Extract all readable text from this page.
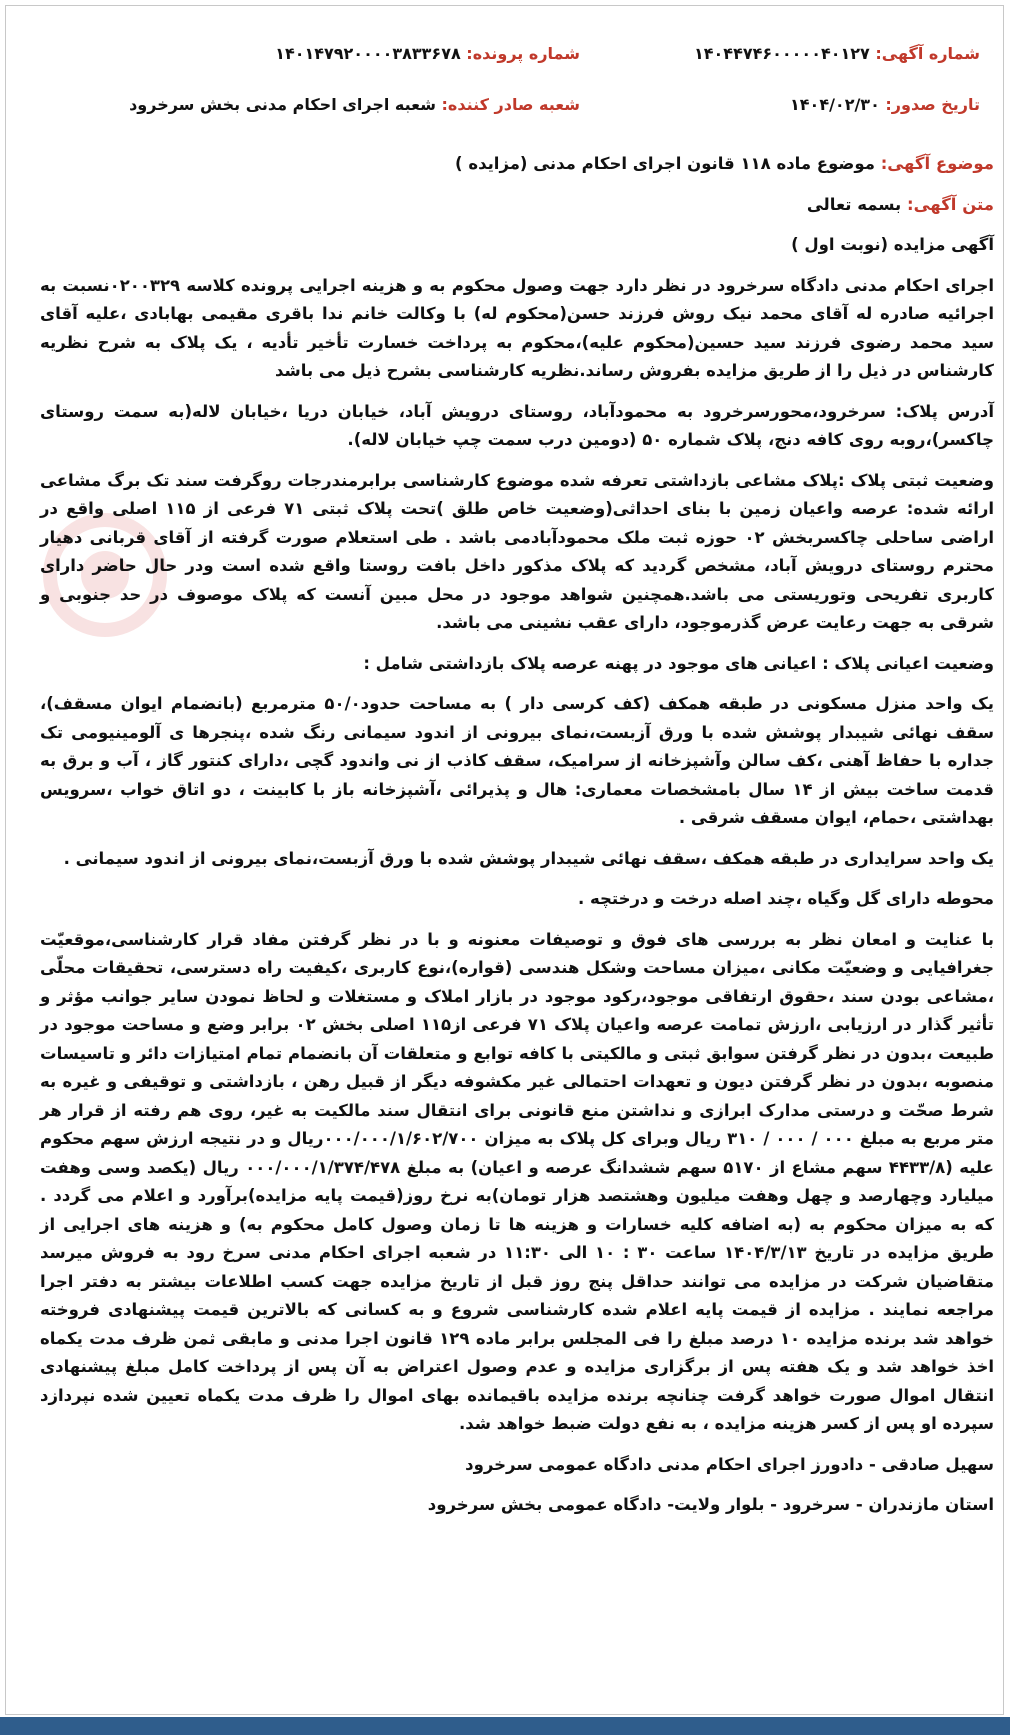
شماره آگهی: ۱۴۰۴۴۷۴۶۰۰۰۰۰۴۰۱۲۷
شماره پرونده: ۱۴۰۱۴۷۹۲۰۰۰۰۳۸۳۳۶۷۸
تاریخ صدور: ۱۴۰۴/۰۲/۳۰
شعبه صادر کننده: شعبه اجرای احکام مدنی بخش سرخرود
موضوع آگهی: موضوع ماده ۱۱۸ قانون اجرای احکام مدنی (مزایده )
متن آگهی: بسمه تعالی

آگهی مزایده (نوبت اول )

اجرای احکام مدنی دادگاه سرخرود در نظر دارد جهت وصول محکوم به و هزینه اجرایی پرونده کلاسه ۰۲۰۰۳۲۹نسبت به اجرائیه صادره له آقای محمد نیک روش فرزند حسن(محکوم له) با وکالت خانم ندا باقری مقیمی بهابادی ،علیه آقای سید محمد رضوی فرزند سید حسین(محکوم علیه)،محکوم به پرداخت خسارت تأخیر تأدیه ، یک پلاک به شرح نظریه کارشناس در ذیل را از طریق مزایده بفروش رساند.نظریه کارشناسی بشرح ذیل می باشد

آدرس پلاک: سرخرود،محورسرخرود به محمودآباد، روستای درویش آباد، خیابان دریا ،خیابان لاله(به سمت روستای چاکسر)،روبه روی کافه دنج، پلاک شماره ۵۰ (دومین درب سمت چپ خیابان لاله).

وضعیت ثبتی پلاک :پلاک مشاعی بازداشتی تعرفه شده موضوع کارشناسی برابرمندرجات روگرفت سند تک برگ مشاعی ارائه شده: عرصه واعیان زمین با بنای احداثی(وضعیت خاص طلق )تحت پلاک ثبتی ۷۱ فرعی از ۱۱۵ اصلی واقع در اراضی ساحلی چاکسربخش ۰۲ حوزه ثبت ملک محمودآبادمی باشد . طی استعلام صورت گرفته از آقای قربانی دهیار محترم روستای درویش آباد، مشخص گردید که پلاک مذکور داخل بافت روستا واقع شده است ودر حال حاضر دارای کاربری تفریحی وتوریستی می باشد.همچنین شواهد موجود در محل مبین آنست که پلاک موصوف در حد جنوبی و شرقی به جهت رعایت عرض گذرموجود، دارای عقب نشینی می باشد.

وضعیت اعیانی پلاک : اعیانی های موجود در پهنه عرصه پلاک بازداشتی شامل :

یک واحد منزل مسکونی در طبقه همکف (کف کرسی دار ) به مساحت حدود۵۰/۰ مترمربع (بانضمام ایوان مسقف)، سقف نهائی شیبدار پوشش شده با ورق آزبست،نمای بیرونی از اندود سیمانی رنگ شده ،پنجرها ی آلومینیومی تک جداره با حفاظ آهنی ،کف سالن وآشپزخانه از سرامیک، سقف کاذب از نی واندود گچی ،دارای کنتور گاز ، آب و برق به قدمت ساخت بیش از ۱۴ سال بامشخصات معماری: هال و پذیرائی ،آشپزخانه باز با کابینت ، دو اتاق خواب ،سرویس بهداشتی ،حمام، ایوان مسقف شرقی .

یک واحد سرایداری در طبقه همکف ،سقف نهائی شیبدار پوشش شده با ورق آزبست،نمای بیرونی از اندود سیمانی .

محوطه دارای گل وگیاه ،چند اصله درخت و درختچه .

با عنایت و امعان نظر به بررسی های فوق و توصیفات معنونه و با در نظر گرفتن مفاد قرار کارشناسی،موقعیّت جغرافیایی و وضعیّت مکانی ،میزان مساحت وشکل هندسی (قواره)،نوع کاربری ،کیفیت راه دسترسی، تحقیقات محلّی ،مشاعی بودن سند ،حقوق ارتفاقی موجود،رکود موجود در بازار املاک و مستغلات و لحاظ نمودن سایر جوانب مؤثر و تأثیر گذار در ارزیابی ،ارزش تمامت عرصه واعیان پلاک ۷۱ فرعی از۱۱۵ اصلی بخش ۰۲ برابر وضع و مساحت موجود در طبیعت ،بدون در نظر گرفتن سوابق ثبتی و مالکیتی با کافه توابع و متعلقات آن بانضمام تمام امتیازات دائر و تاسیسات منصوبه ،بدون در نظر گرفتن دیون و تعهدات احتمالی غیر مکشوفه دیگر از قبیل رهن ، بازداشتی و توقیفی و غیره به شرط صحّت و درستی مدارک ابرازی و نداشتن منع قانونی برای انتقال سند مالکیت به غیر، روی هم رفته از قرار هر متر مربع به مبلغ ۰۰۰ / ۰۰۰ / ۳۱۰ ریال وبرای کل پلاک به میزان ۰۰۰/۰۰۰/۱/۶۰۲/۷۰۰ریال و در نتیجه ارزش سهم محکوم علیه (۴۴۳۳/۸ سهم مشاع از ۵۱۷۰ سهم ششدانگ عرصه و اعیان) به مبلغ ۰۰۰/۰۰۰/۱/۳۷۴/۴۷۸ ریال (یکصد وسی وهفت میلیارد وچهارصد و چهل وهفت میلیون وهشتصد هزار تومان)به نرخ روز(قیمت پایه مزایده)برآورد و اعلام می گردد . که به میزان محکوم به (به اضافه کلیه خسارات و هزینه ها تا زمان وصول کامل محکوم به) و هزینه های اجرایی از طریق مزایده در تاریخ ۱۴۰۴/۳/۱۳ ساعت ۳۰ : ۱۰ الی ۱۱:۳۰ در شعبه اجرای احکام مدنی سرخ رود به فروش میرسد متقاضیان شرکت در مزایده می توانند حداقل پنج روز قبل از تاریخ مزایده جهت کسب اطلاعات بیشتر به دفتر اجرا مراجعه نمایند . مزایده از قیمت پایه اعلام شده کارشناسی شروع و به کسانی که بالاترین قیمت پیشنهادی فروخته خواهد شد برنده مزایده ۱۰ درصد مبلغ را فی المجلس برابر ماده ۱۲۹ قانون اجرا مدنی و مابقی ثمن ظرف مدت یکماه اخذ خواهد شد و یک هفته پس از برگزاری مزایده و عدم وصول اعتراض به آن پس از پرداخت کامل مبلغ پیشنهادی انتقال اموال صورت خواهد گرفت چنانچه برنده مزایده باقیمانده بهای اموال را ظرف مدت یکماه تعیین شده نپردازد سپرده او پس از کسر هزینه مزایده ، به نفع دولت ضبط خواهد شد.

سهیل صادقی - دادورز اجرای احکام مدنی دادگاه عمومی سرخرود

استان مازندران - سرخرود - بلوار ولایت- دادگاه عمومی بخش سرخرود
